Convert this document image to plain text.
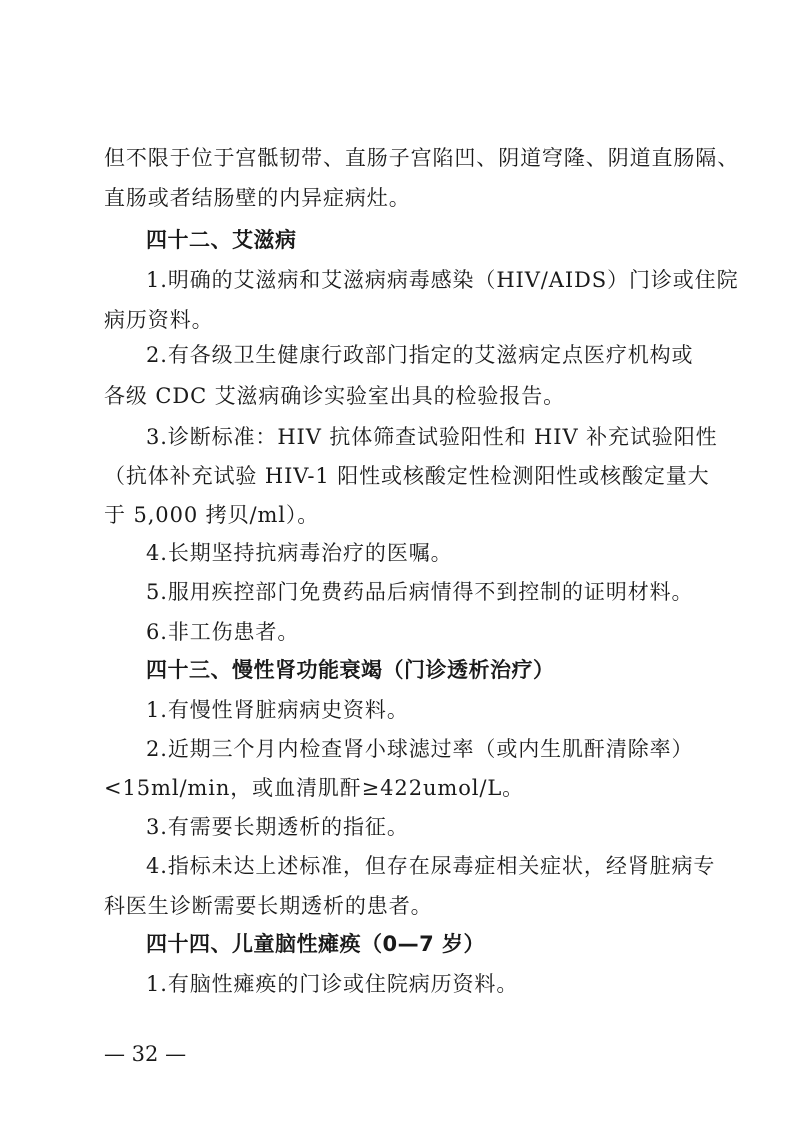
但不限于位于宫骶韧带、直肠子宫陷凹、阴道穹隆、阴道直肠隔、
直肠或者结肠壁的内异症病灶。
四十二、艾滋病
1.明确的艾滋病和艾滋病病毒感染（HIV/AIDS）门诊或住院
病历资料。
2.有各级卫生健康行政部门指定的艾滋病定点医疗机构或
各级 CDC 艾滋病确诊实验室出具的检验报告。
3.诊断标准：HIV 抗体筛查试验阳性和 HIV 补充试验阳性
（抗体补充试验 HIV-1 阳性或核酸定性检测阳性或核酸定量大
于 5,000 拷贝/ml）。
4.长期坚持抗病毒治疗的医嘱。
5.服用疾控部门免费药品后病情得不到控制的证明材料。
6.非工伤患者。
四十三、慢性肾功能衰竭（门诊透析治疗）
1.有慢性肾脏病病史资料。
2.近期三个月内检查肾小球滤过率（或内生肌酐清除率）
<15ml/min，或血清肌酐≥422umol/L。
3.有需要长期透析的指征。
4.指标未达上述标准，但存在尿毒症相关症状，经肾脏病专
科医生诊断需要长期透析的患者。
四十四、儿童脑性瘫痪（0—7 岁）
1.有脑性瘫痪的门诊或住院病历资料。
— 32 —
